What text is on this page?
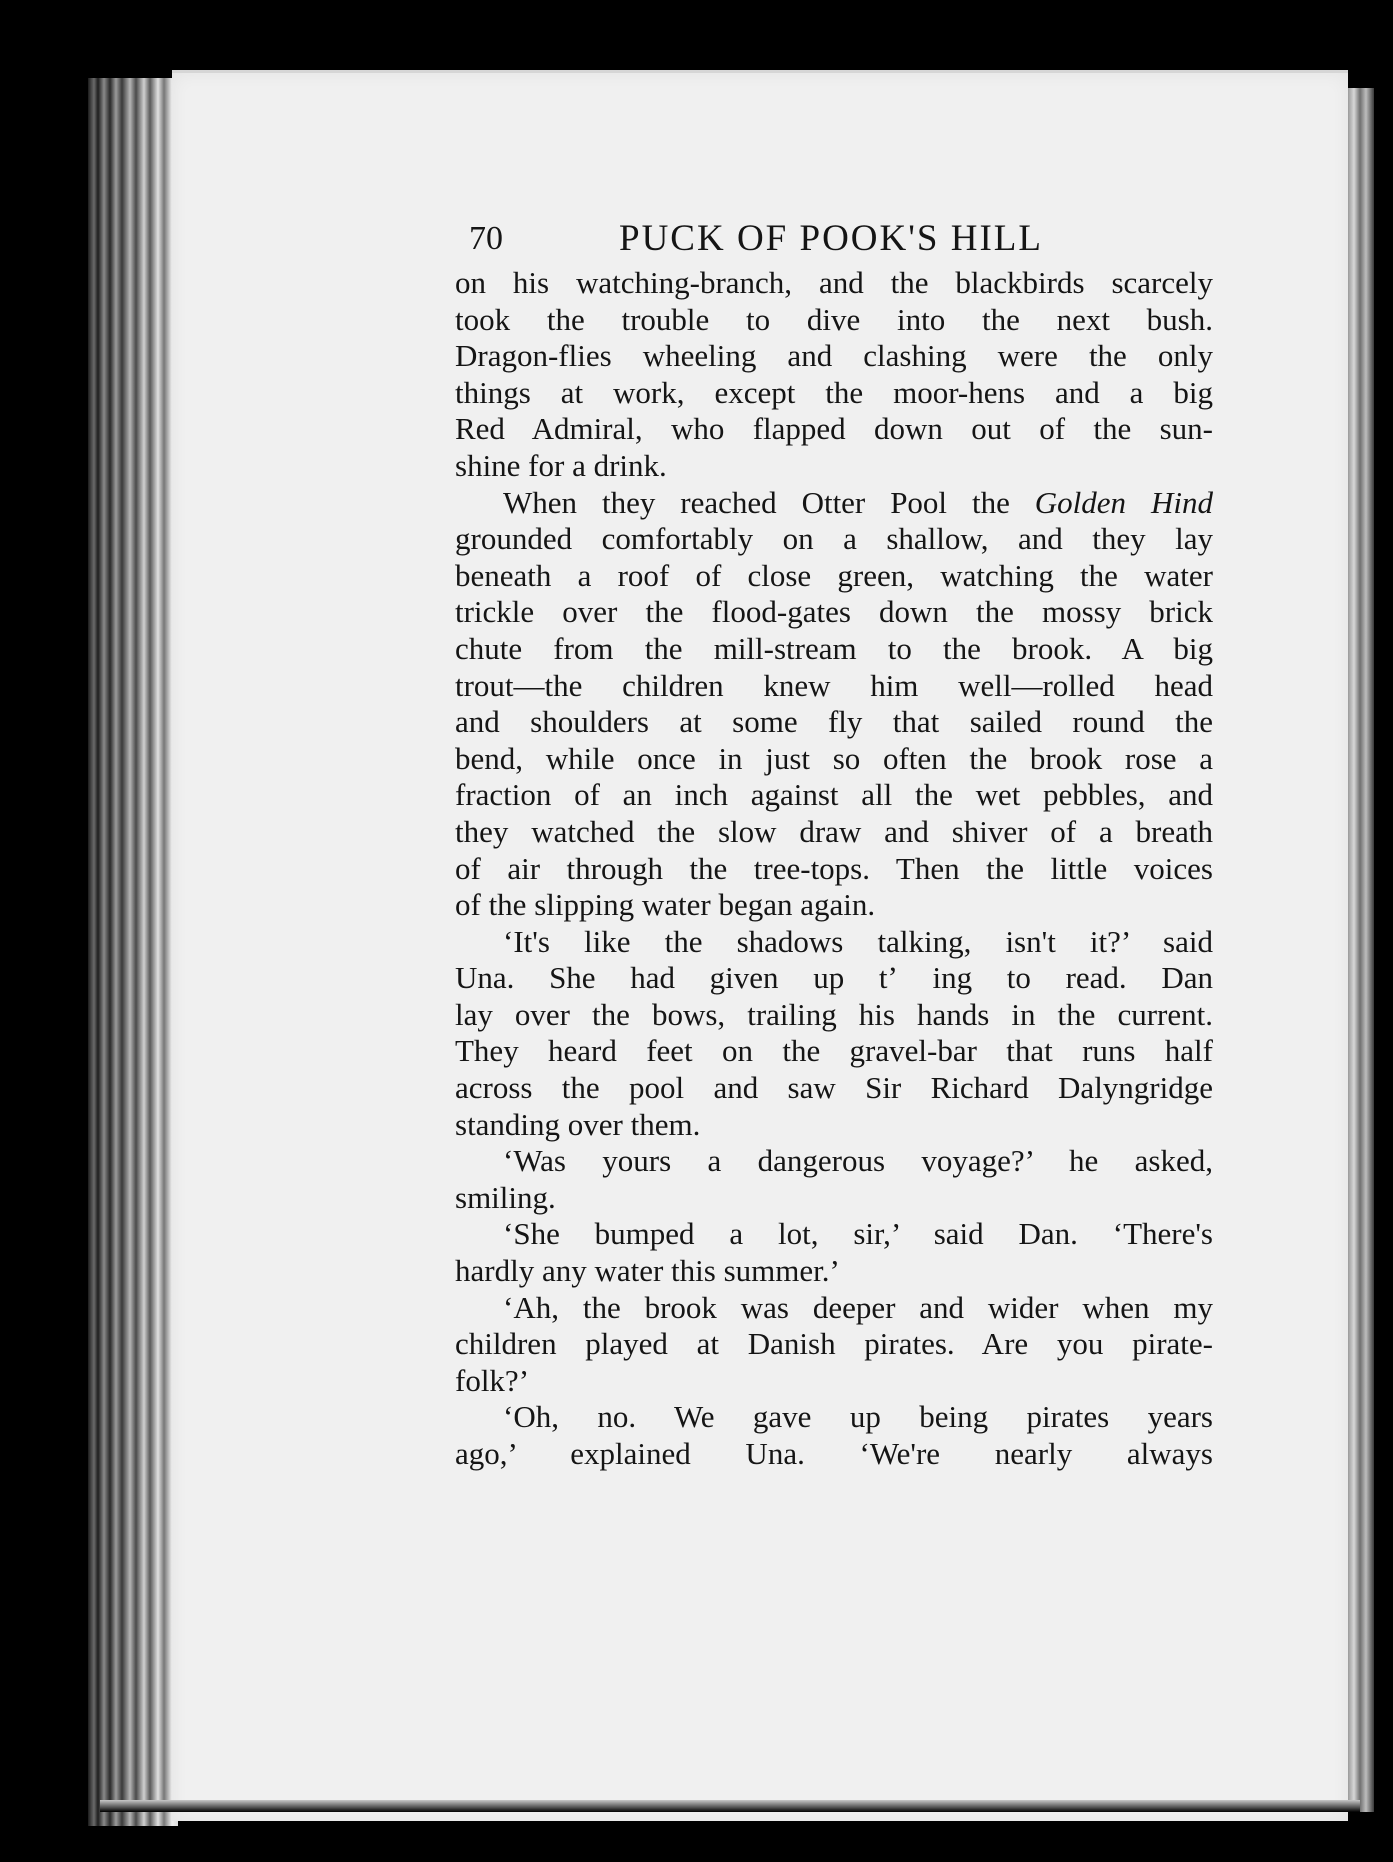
70	PUCK OF POOK'S HILL
on his watching-branch, and the blackbirds scarcely
took the trouble to dive into the next bush.
Dragon-flies wheeling and clashing were the only
things at work, except the moor-hens and a big
Red Admiral, who flapped down out of the sun-
shine for a drink.
When they reached Otter Pool the Golden Hind
grounded comfortably on a shallow, and they lay
beneath a roof of close green, watching the water
trickle over the flood-gates down the mossy brick
chute from the mill-stream to the brook. A big
trout—the children knew him well—rolled head
and shoulders at some fly that sailed round the
bend, while once in just so often the brook rose a
fraction of an inch against all the wet pebbles, and
they watched the slow draw and shiver of a breath
of air through the tree-tops. Then the little voices
of the slipping water began again.
‘It's like the shadows talking, isn't it?’ said
Una. She had given up tʼ ing to read. Dan
lay over the bows, trailing his hands in the current.
They heard feet on the gravel-bar that runs half
across the pool and saw Sir Richard Dalyngridge
standing over them.
‘Was yours a dangerous voyage?’ he asked,
smiling.
‘She bumped a lot, sir,’ said Dan. ‘There's
hardly any water this summer.’
‘Ah, the brook was deeper and wider when my
children played at Danish pirates. Are you pirate-
folk?’
‘Oh, no. We gave up being pirates years
ago,’ explained Una. ‘We're nearly always
